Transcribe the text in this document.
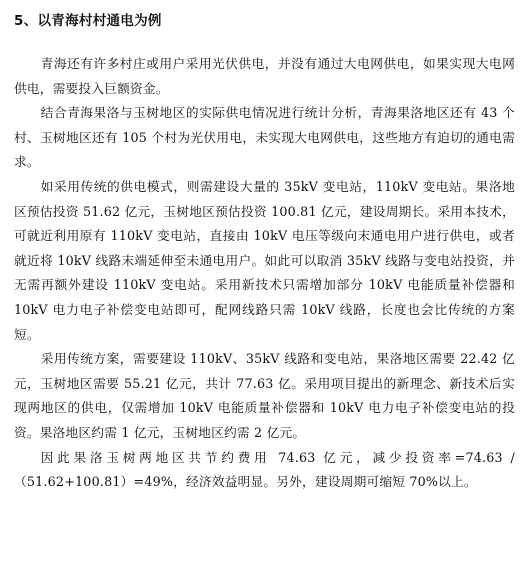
5、以青海村村通电为例

青海还有许多村庄或用户采用光伏供电，并没有通过大电网供电，如果实现大电网供电，需要投入巨额资金。

结合青海果洛与玉树地区的实际供电情况进行统计分析，青海果洛地区还有 43 个村、玉树地区还有 105 个村为光伏用电，未实现大电网供电，这些地方有迫切的通电需求。

如采用传统的供电模式，则需建设大量的 35kV 变电站，110kV 变电站。果洛地区预估投资 51.62 亿元，玉树地区预估投资 100.81 亿元，建设周期长。采用本技术，可就近利用原有 110kV 变电站，直接由 10kV 电压等级向末通电用户进行供电，或者就近将 10kV 线路末端延伸至未通电用户。如此可以取消 35kV 线路与变电站投资，并无需再额外建设 110kV 变电站。采用新技术只需增加部分 10kV 电能质量补偿器和 10kV 电力电子补偿变电站即可，配网线路只需 10kV 线路，长度也会比传统的方案短。

采用传统方案，需要建设 110kV、35kV 线路和变电站，果洛地区需要 22.42 亿元，玉树地区需要 55.21 亿元，共计 77.63 亿。采用项目提出的新理念、新技术后实现两地区的供电，仅需增加 10kV 电能质量补偿器和 10kV 电力电子补偿变电站的投资。果洛地区约需 1 亿元，玉树地区约需 2 亿元。

因此果洛玉树两地区共节约费用 74.63 亿元，减少投资率=74.63 /（51.62+100.81）=49%，经济效益明显。另外，建设周期可缩短 70%以上。
